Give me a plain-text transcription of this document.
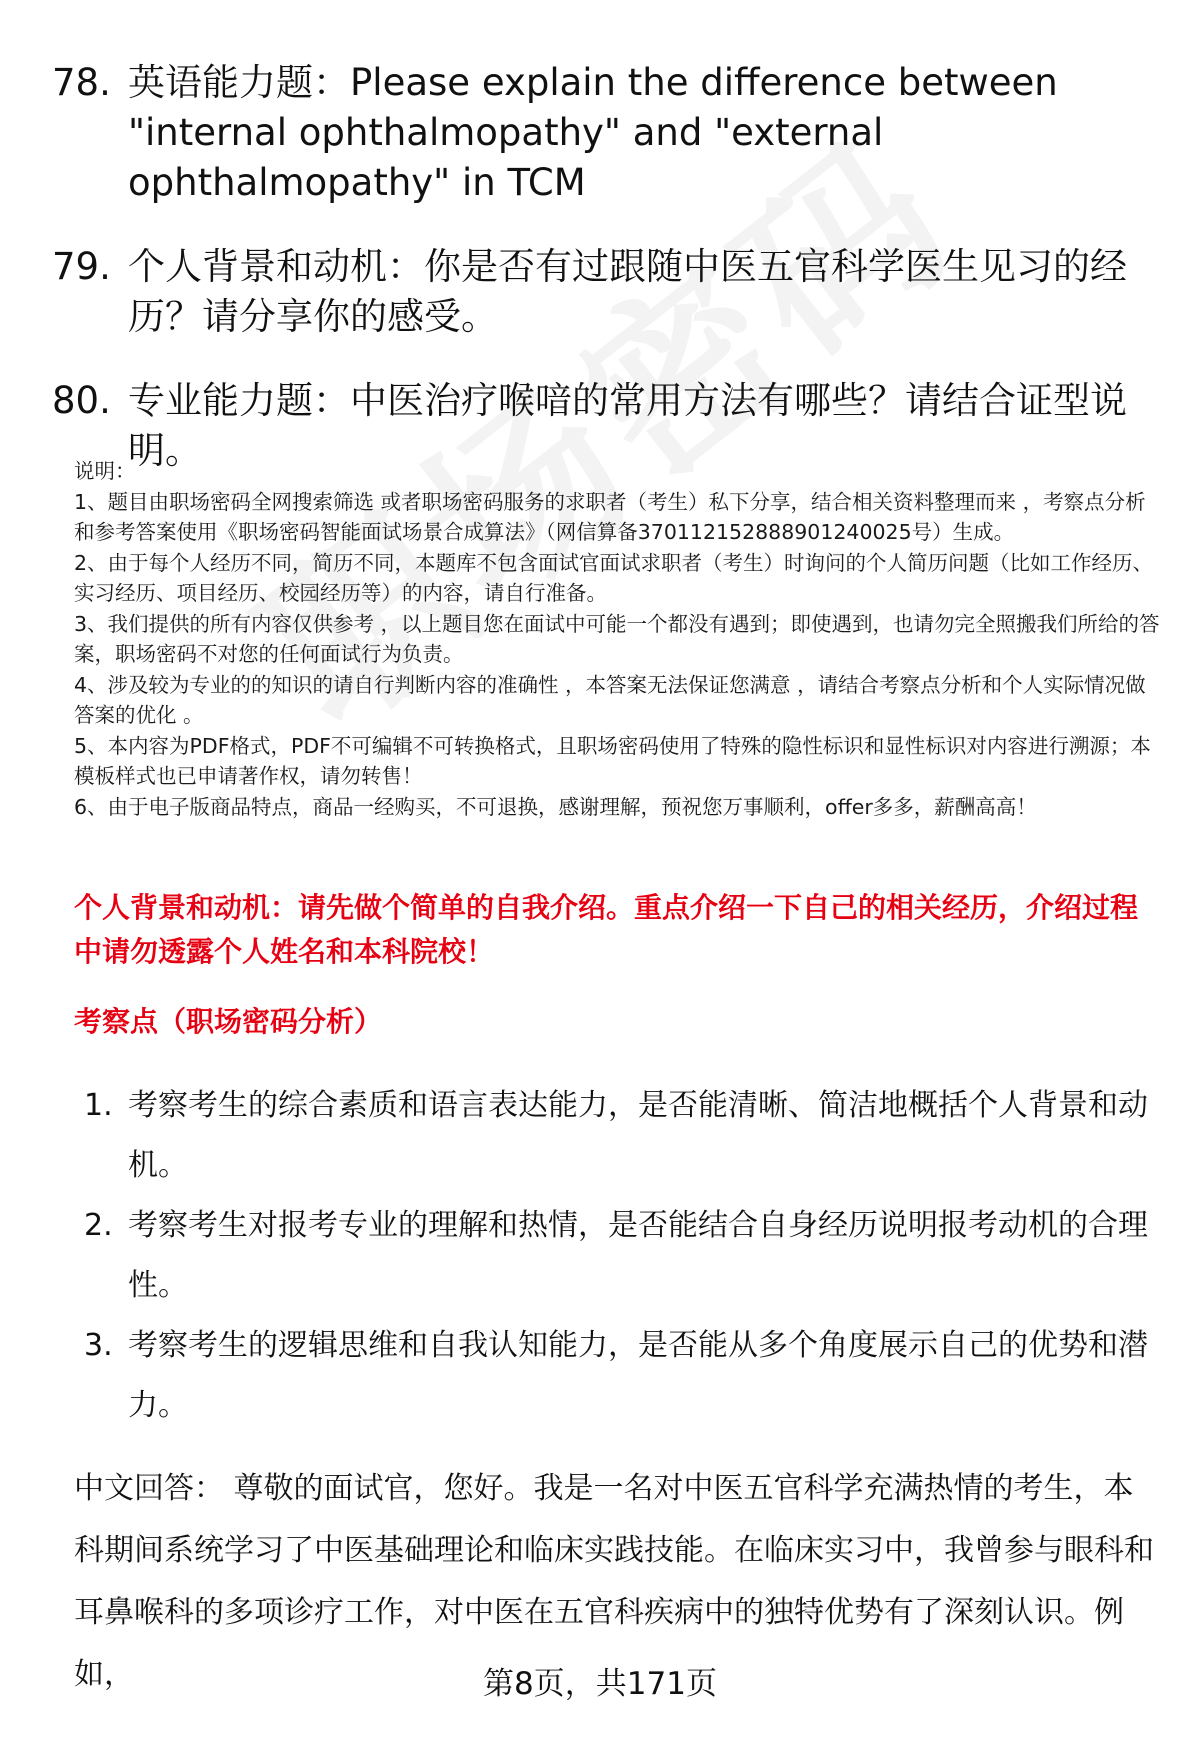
78. 英语能力题：Please explain the difference between "internal ophthalmopathy" and "external ophthalmopathy" in TCM
79. 个人背景和动机：你是否有过跟随中医五官科学医生见习的经历？请分享你的感受。
80. 专业能力题：中医治疗喉喑的常用方法有哪些？请结合证型说明。
说明：
1、题目由职场密码全网搜索筛选 或者职场密码服务的求职者（考生）私下分享，结合相关资料整理而来 ，考察点分析和参考答案使用《职场密码智能面试场景合成算法》（网信算备370112152888901240025号）生成。
2、由于每个人经历不同，简历不同，本题库不包含面试官面试求职者（考生）时询问的个人简历问题（比如工作经历、实习经历、项目经历、校园经历等）的内容，请自行准备。
3、我们提供的所有内容仅供参考 ，以上题目您在面试中可能一个都没有遇到；即使遇到，也请勿完全照搬我们所给的答案，职场密码不对您的任何面试行为负责。
4、涉及较为专业的的知识的请自行判断内容的准确性 ，本答案无法保证您满意 ，请结合考察点分析和个人实际情况做答案的优化 。
5、本内容为PDF格式，PDF不可编辑不可转换格式，且职场密码使用了特殊的隐性标识和显性标识对内容进行溯源；本模板样式也已申请著作权，请勿转售！
6、由于电子版商品特点，商品一经购买，不可退换，感谢理解，预祝您万事顺利，offer多多，薪酬高高！
个人背景和动机：请先做个简单的自我介绍。重点介绍一下自己的相关经历，介绍过程中请勿透露个人姓名和本科院校！
考察点（职场密码分析）
1. 考察考生的综合素质和语言表达能力，是否能清晰、简洁地概括个人背景和动机。
2. 考察考生对报考专业的理解和热情，是否能结合自身经历说明报考动机的合理性。
3. 考察考生的逻辑思维和自我认知能力，是否能从多个角度展示自己的优势和潜力。
中文回答： 尊敬的面试官，您好。我是一名对中医五官科学充满热情的考生，本科期间系统学习了中医基础理论和临床实践技能。在临床实习中，我曾参与眼科和耳鼻喉科的多项诊疗工作，对中医在五官科疾病中的独特优势有了深刻认识。例如，	第8页，共171页
